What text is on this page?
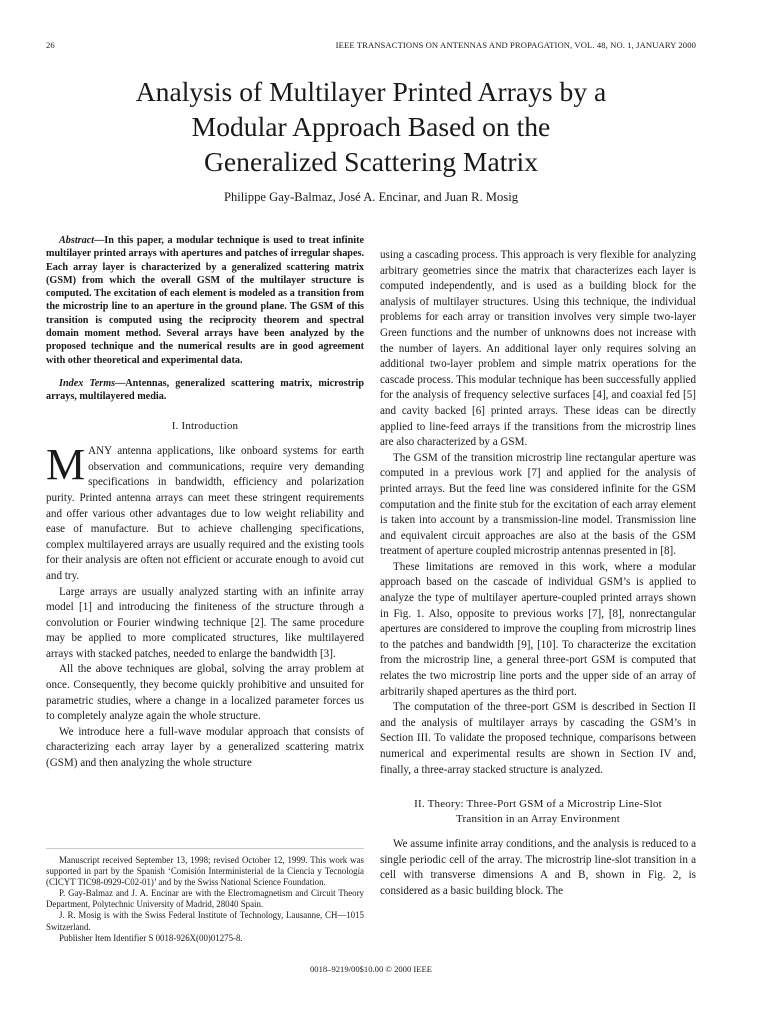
26	IEEE TRANSACTIONS ON ANTENNAS AND PROPAGATION, VOL. 48, NO. 1, JANUARY 2000
Analysis of Multilayer Printed Arrays by a
Modular Approach Based on the
Generalized Scattering Matrix
Philippe Gay-Balmaz, José A. Encinar, and Juan R. Mosig

Abstract—In this paper, a modular technique is used to treat infinite multilayer printed arrays with apertures and patches of irregular shapes. Each array layer is characterized by a generalized scattering matrix (GSM) from which the overall GSM of the multilayer structure is computed. The excitation of each element is modeled as a transition from the microstrip line to an aperture in the ground plane. The GSM of this transition is computed using the reciprocity theorem and spectral domain moment method. Several arrays have been analyzed by the proposed technique and the numerical results are in good agreement with other theoretical and experimental data.

Index Terms—Antennas, generalized scattering matrix, microstrip arrays, multilayered media.

I. Introduction

MANY antenna applications, like onboard systems for earth observation and communications, require very demanding specifications in bandwidth, efficiency and polarization purity. Printed antenna arrays can meet these stringent requirements and offer various other advantages due to low weight reliability and ease of manufacture. But to achieve challenging specifications, complex multilayered arrays are usually required and the existing tools for their analysis are often not efficient or accurate enough to avoid cut and try.

Large arrays are usually analyzed starting with an infinite array model [1] and introducing the finiteness of the structure through a convolution or Fourier windwing technique [2]. The same procedure may be applied to more complicated structures, like multilayered arrays with stacked patches, needed to enlarge the bandwidth [3].

All the above techniques are global, solving the array problem at once. Consequently, they become quickly prohibitive and unsuited for parametric studies, where a change in a localized parameter forces us to completely analyze again the whole structure.

We introduce here a full-wave modular approach that consists of characterizing each array layer by a generalized scattering matrix (GSM) and then analyzing the whole structure

using a cascading process. This approach is very flexible for analyzing arbitrary geometries since the matrix that characterizes each layer is computed independently, and is used as a building block for the analysis of multilayer structures. Using this technique, the individual problems for each array or transition involves very simple two-layer Green functions and the number of unknowns does not increase with the number of layers. An additional layer only requires solving an additional two-layer problem and simple matrix operations for the cascade process. This modular technique has been successfully applied for the analysis of frequency selective surfaces [4], and coaxial fed [5] and cavity backed [6] printed arrays. These ideas can be directly applied to line-feed arrays if the transitions from the microstrip lines are also characterized by a GSM.

The GSM of the transition microstrip line rectangular aperture was computed in a previous work [7] and applied for the analysis of printed arrays. But the feed line was considered infinite for the GSM computation and the finite stub for the excitation of each array element is taken into account by a transmission-line model. Transmission line and equivalent circuit approaches are also at the basis of the GSM treatment of aperture coupled microstrip antennas presented in [8].

These limitations are removed in this work, where a modular approach based on the cascade of individual GSM’s is applied to analyze the type of multilayer aperture-coupled printed arrays shown in Fig. 1. Also, opposite to previous works [7], [8], nonrectangular apertures are considered to improve the coupling from microstrip lines to the patches and bandwidth [9], [10]. To characterize the excitation from the microstrip line, a general three-port GSM is computed that relates the two microstrip line ports and the upper side of an array of arbitrarily shaped apertures as the third port.

The computation of the three-port GSM is described in Section II and the analysis of multilayer arrays by cascading the GSM’s in Section III. To validate the proposed technique, comparisons between numerical and experimental results are shown in Section IV and, finally, a three-array stacked structure is analyzed.

II. Theory: Three-Port GSM of a Microstrip Line-Slot
Transition in an Array Environment

We assume infinite array conditions, and the analysis is reduced to a single periodic cell of the array. The microstrip line-slot transition in a cell with transverse dimensions A and B, shown in Fig. 2, is considered as a basic building block. The

Manuscript received September 13, 1998; revised October 12, 1999. This work was supported in part by the Spanish ‘Comisión Interministerial de la Ciencia y Tecnología (CICYT TIC98-0929-C02-01)’ and by the Swiss National Science Foundation.

P. Gay-Balmaz and J. A. Encinar are with the Electromagnetism and Circuit Theory Department, Polytechnic University of Madrid, 28040 Spain.

J. R. Mosig is with the Swiss Federal Institute of Technology, Lausanne, CH—1015 Switzerland.

Publisher Item Identifier S 0018-926X(00)01275-8.

0018–9219/00$10.00 © 2000 IEEE
